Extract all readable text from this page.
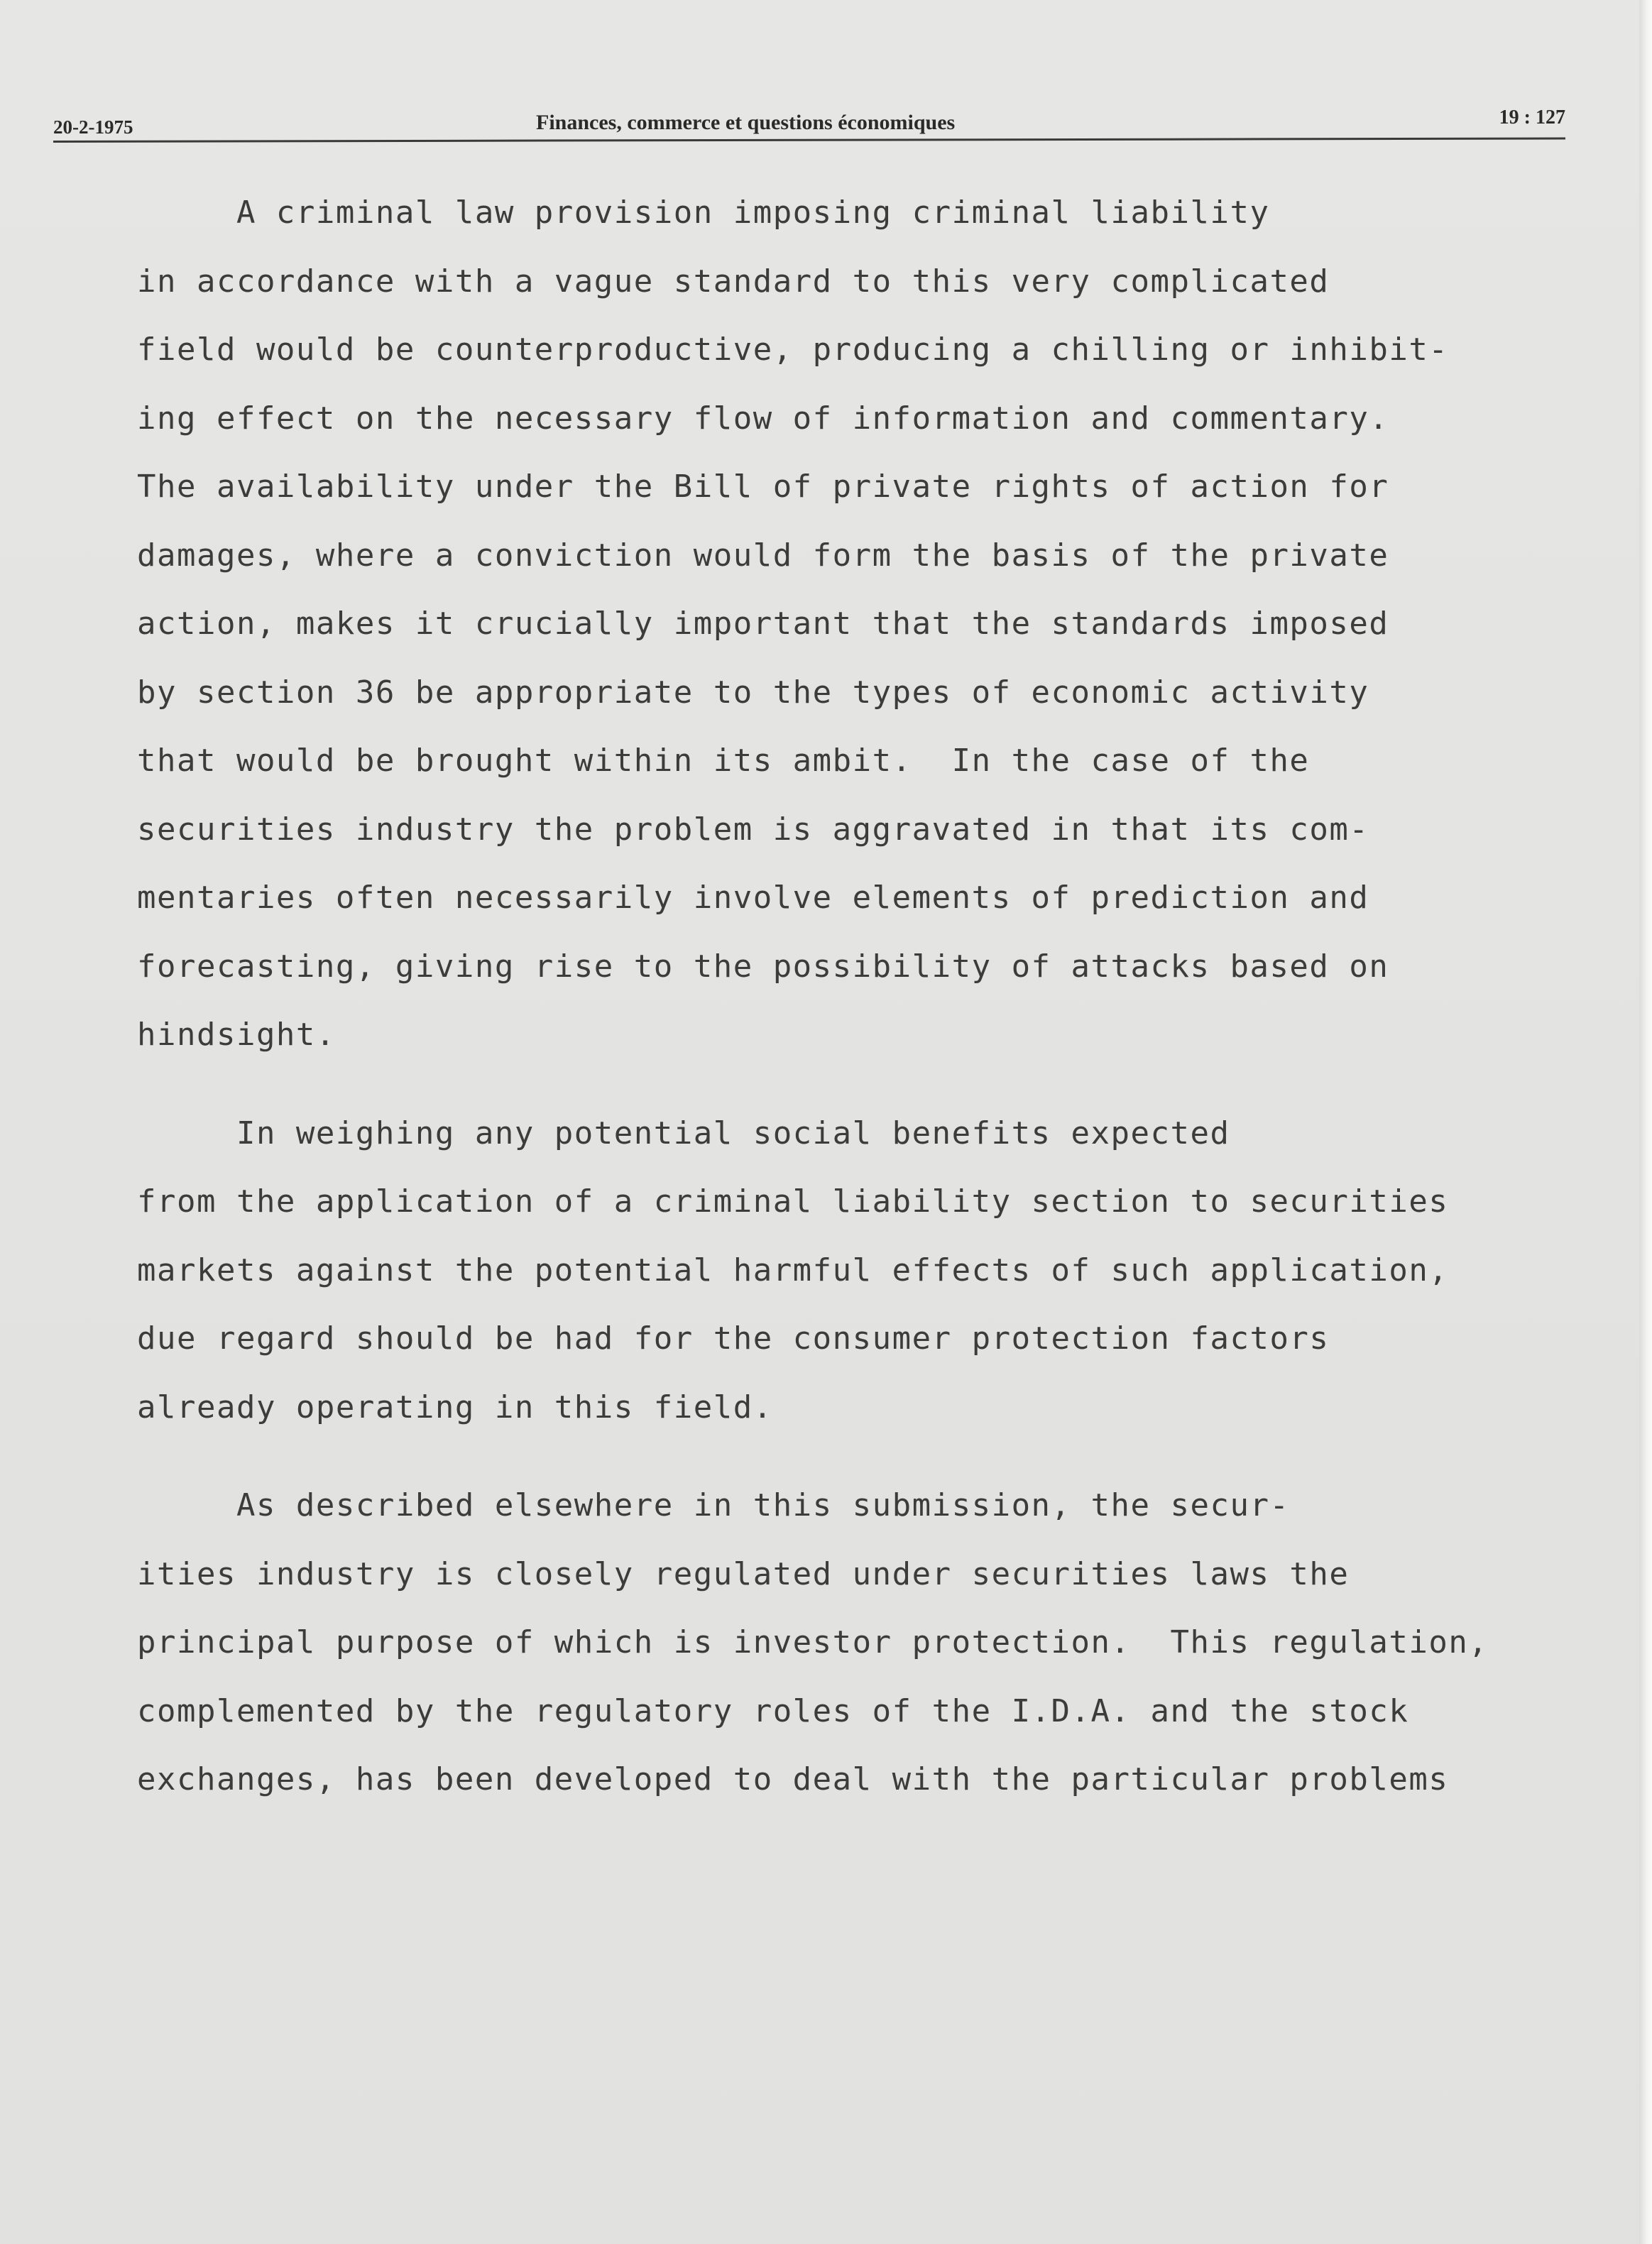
20-2-1975	Finances, commerce et questions économiques	19 : 127

A criminal law provision imposing criminal liability
in accordance with a vague standard to this very complicated
field would be counterproductive, producing a chilling or inhibit-
ing effect on the necessary flow of information and commentary.
The availability under the Bill of private rights of action for
damages, where a conviction would form the basis of the private
action, makes it crucially important that the standards imposed
by section 36 be appropriate to the types of economic activity
that would be brought within its ambit.  In the case of the
securities industry the problem is aggravated in that its com-
mentaries often necessarily involve elements of prediction and
forecasting, giving rise to the possibility of attacks based on
hindsight.

In weighing any potential social benefits expected
from the application of a criminal liability section to securities
markets against the potential harmful effects of such application,
due regard should be had for the consumer protection factors
already operating in this field.

As described elsewhere in this submission, the secur-
ities industry is closely regulated under securities laws the
principal purpose of which is investor protection.  This regulation,
complemented by the regulatory roles of the I.D.A. and the stock
exchanges, has been developed to deal with the particular problems
